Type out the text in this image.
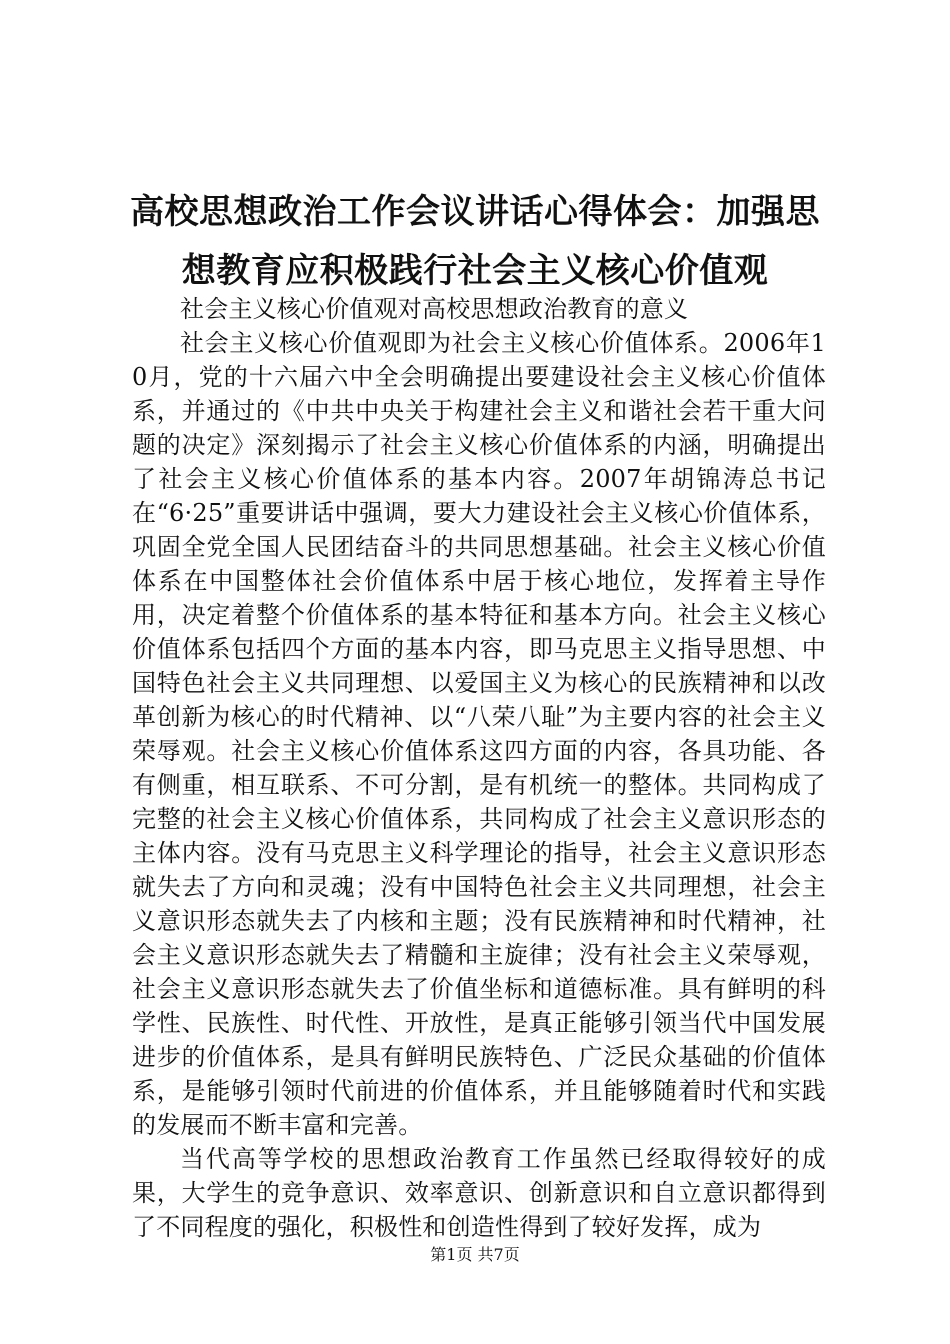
高校思想政治工作会议讲话心得体会：加强思想教育应积极践行社会主义核心价值观

社会主义核心价值观对高校思想政治教育的意义

社会主义核心价值观即为社会主义核心价值体系。2006年10月，党的十六届六中全会明确提出要建设社会主义核心价值体系，并通过的《中共中央关于构建社会主义和谐社会若干重大问题的决定》深刻揭示了社会主义核心价值体系的内涵，明确提出了社会主义核心价值体系的基本内容。2007年胡锦涛总书记在“6·25”重要讲话中强调，要大力建设社会主义核心价值体系，巩固全党全国人民团结奋斗的共同思想基础。社会主义核心价值体系在中国整体社会价值体系中居于核心地位，发挥着主导作用，决定着整个价值体系的基本特征和基本方向。社会主义核心价值体系包括四个方面的基本内容，即马克思主义指导思想、中国特色社会主义共同理想、以爱国主义为核心的民族精神和以改革创新为核心的时代精神、以“八荣八耻”为主要内容的社会主义荣辱观。社会主义核心价值体系这四方面的内容，各具功能、各有侧重，相互联系、不可分割，是有机统一的整体。共同构成了完整的社会主义核心价值体系，共同构成了社会主义意识形态的主体内容。没有马克思主义科学理论的指导，社会主义意识形态就失去了方向和灵魂；没有中国特色社会主义共同理想，社会主义意识形态就失去了内核和主题；没有民族精神和时代精神，社会主义意识形态就失去了精髓和主旋律；没有社会主义荣辱观，社会主义意识形态就失去了价值坐标和道德标准。具有鲜明的科学性、民族性、时代性、开放性，是真正能够引领当代中国发展进步的价值体系，是具有鲜明民族特色、广泛民众基础的价值体系，是能够引领时代前进的价值体系，并且能够随着时代和实践的发展而不断丰富和完善。

当代高等学校的思想政治教育工作虽然已经取得较好的成果，大学生的竞争意识、效率意识、创新意识和自立意识都得到了不同程度的强化，积极性和创造性得到了较好发挥，成为

第1页 共7页
